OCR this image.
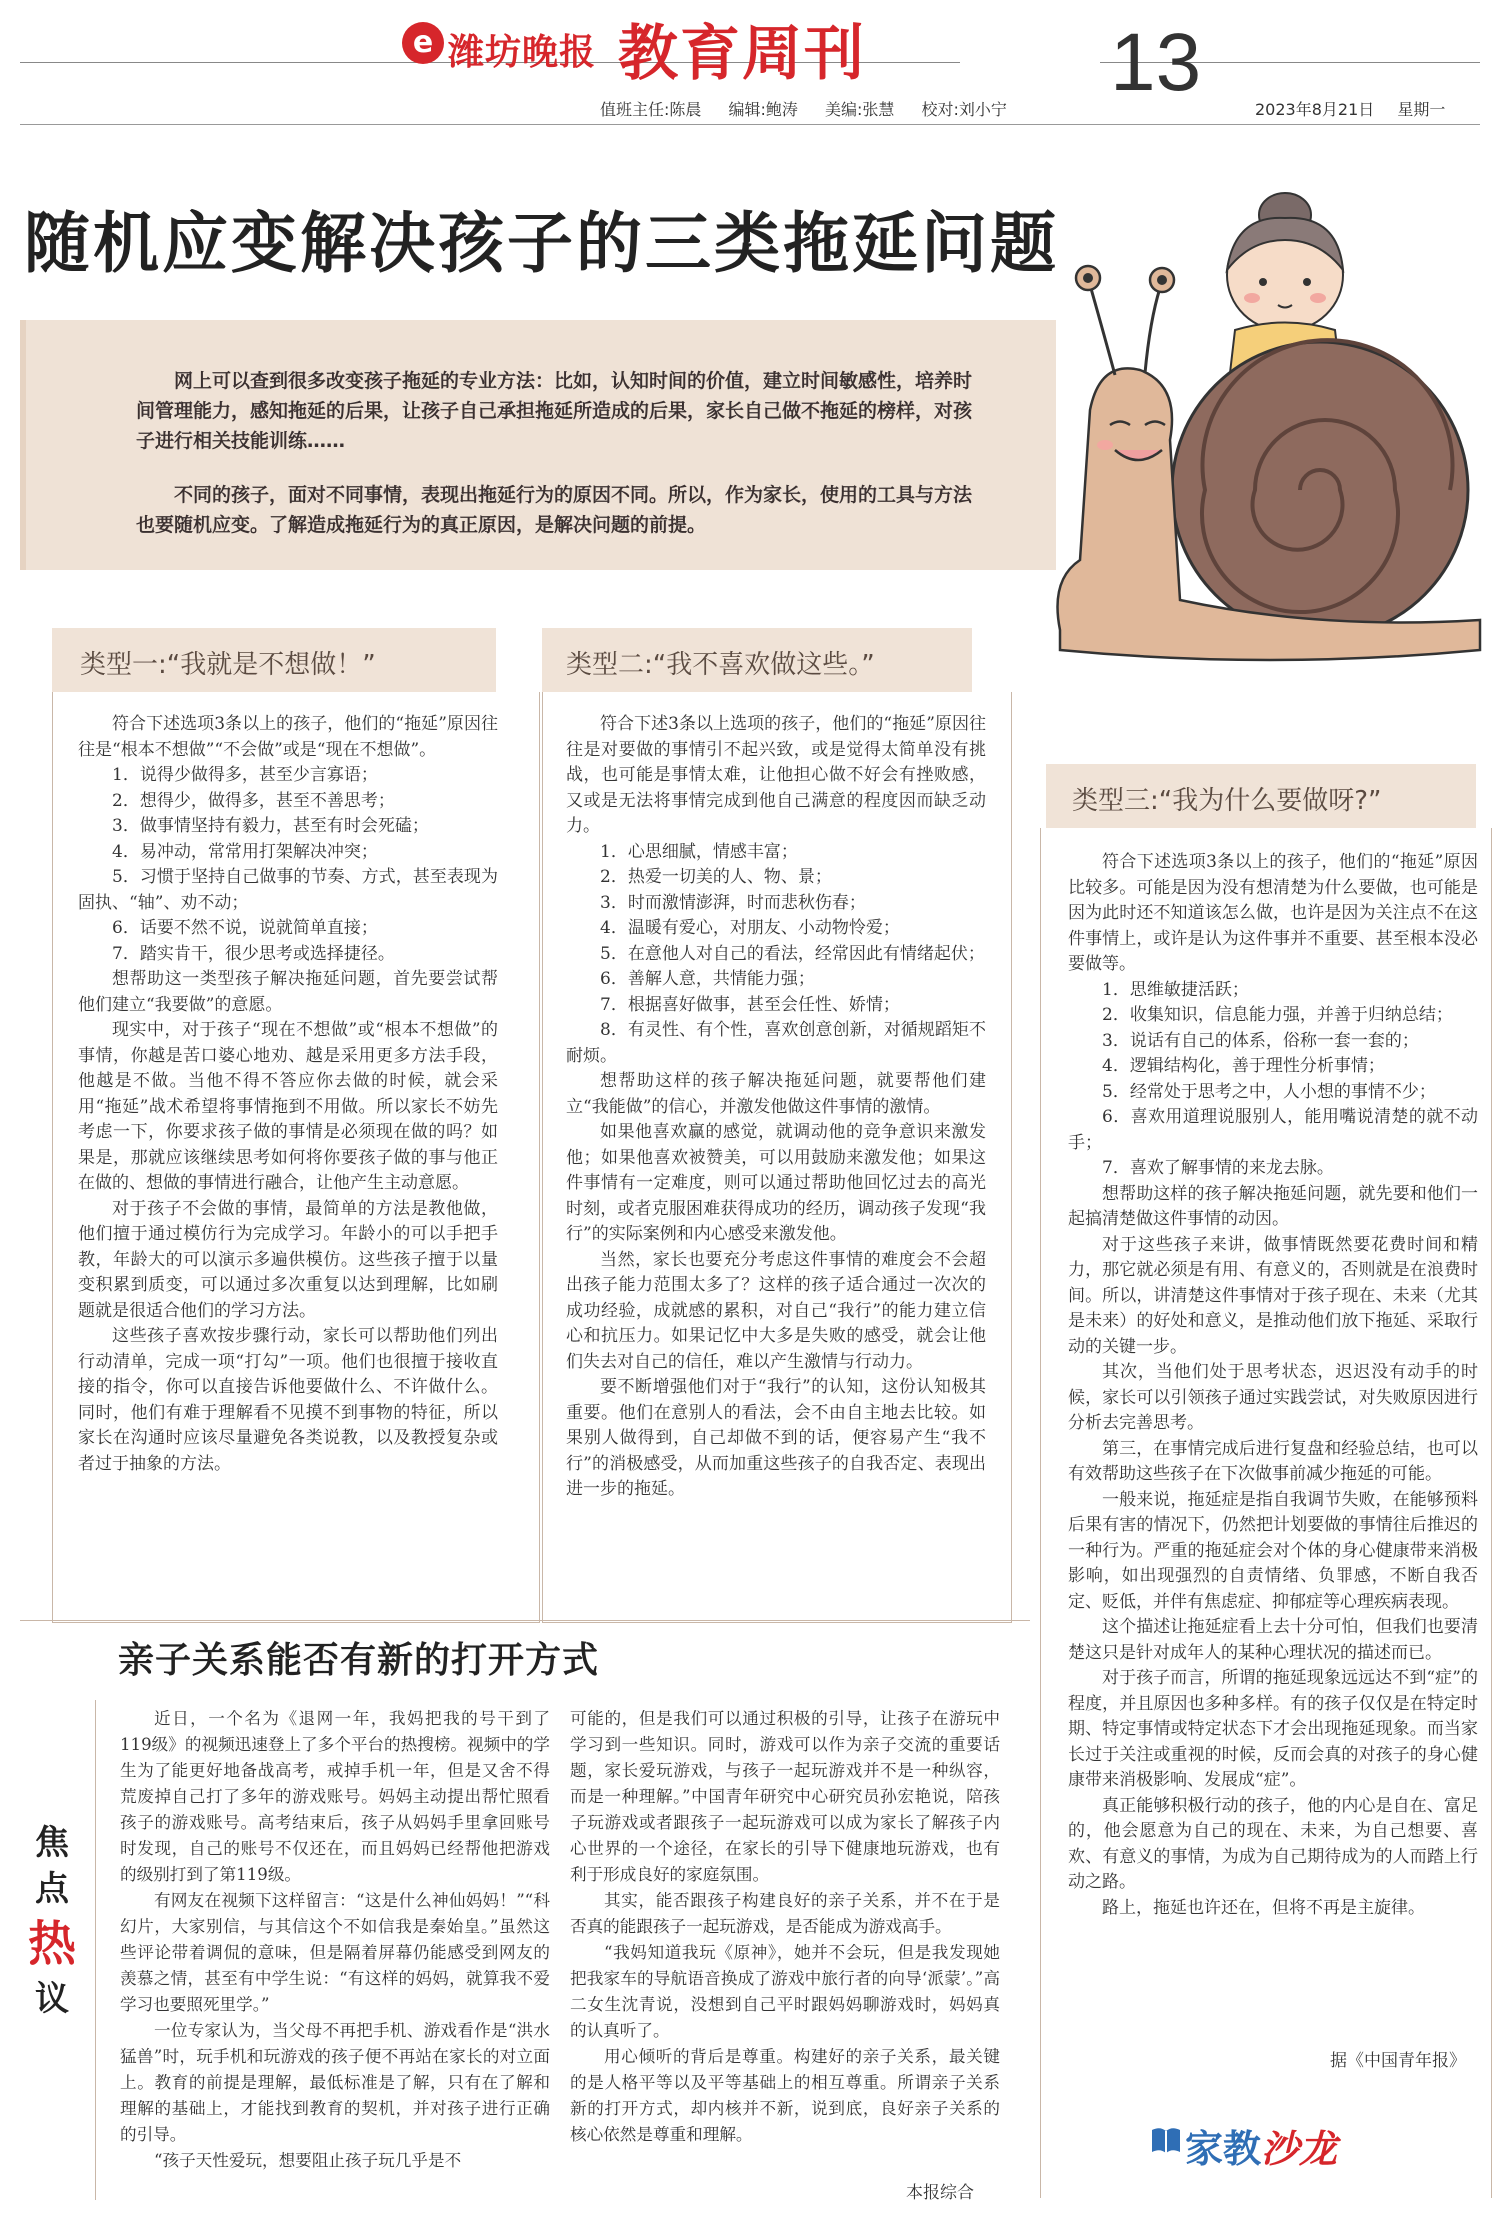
e 潍坊晚报 教育周刊	13
值班主任:陈晨 编辑:鲍涛 美编:张慧 校对:刘小宁	2023年8月21日 星期一
随机应变解决孩子的三类拖延问题

网上可以查到很多改变孩子拖延的专业方法：比如，认知时间的价值，建立时间敏感性，培养时间管理能力，感知拖延的后果，让孩子自己承担拖延所造成的后果，家长自己做不拖延的榜样，对孩子进行相关技能训练……

不同的孩子，面对不同事情，表现出拖延行为的原因不同。所以，作为家长，使用的工具与方法也要随机应变。了解造成拖延行为的真正原因，是解决问题的前提。

类型一:“我就是不想做！”

符合下述选项3条以上的孩子，他们的“拖延”原因往往是“根本不想做”“不会做”或是“现在不想做”。

1．说得少做得多，甚至少言寡语；

2．想得少，做得多，甚至不善思考；

3．做事情坚持有毅力，甚至有时会死磕；

4．易冲动，常常用打架解决冲突；

5．习惯于坚持自己做事的节奏、方式，甚至表现为固执、“轴”、劝不动；

6．话要不然不说，说就简单直接；

7．踏实肯干，很少思考或选择捷径。

想帮助这一类型孩子解决拖延问题，首先要尝试帮他们建立“我要做”的意愿。

现实中，对于孩子“现在不想做”或“根本不想做”的事情，你越是苦口婆心地劝、越是采用更多方法手段，他越是不做。当他不得不答应你去做的时候，就会采用“拖延”战术希望将事情拖到不用做。所以家长不妨先考虑一下，你要求孩子做的事情是必须现在做的吗？如果是，那就应该继续思考如何将你要孩子做的事与他正在做的、想做的事情进行融合，让他产生主动意愿。

对于孩子不会做的事情，最简单的方法是教他做，他们擅于通过模仿行为完成学习。年龄小的可以手把手教，年龄大的可以演示多遍供模仿。这些孩子擅于以量变积累到质变，可以通过多次重复以达到理解，比如刷题就是很适合他们的学习方法。

这些孩子喜欢按步骤行动，家长可以帮助他们列出行动清单，完成一项“打勾”一项。他们也很擅于接收直接的指令，你可以直接告诉他要做什么、不许做什么。同时，他们有难于理解看不见摸不到事物的特征，所以家长在沟通时应该尽量避免各类说教，以及教授复杂或者过于抽象的方法。

类型二:“我不喜欢做这些。”

符合下述3条以上选项的孩子，他们的“拖延”原因往往是对要做的事情引不起兴致，或是觉得太简单没有挑战，也可能是事情太难，让他担心做不好会有挫败感，又或是无法将事情完成到他自己满意的程度因而缺乏动力。

1．心思细腻，情感丰富；

2．热爱一切美的人、物、景；

3．时而激情澎湃，时而悲秋伤春；

4．温暖有爱心，对朋友、小动物怜爱；

5．在意他人对自己的看法，经常因此有情绪起伏；

6．善解人意，共情能力强；

7．根据喜好做事，甚至会任性、娇情；

8．有灵性、有个性，喜欢创意创新，对循规蹈矩不耐烦。

想帮助这样的孩子解决拖延问题，就要帮他们建立“我能做”的信心，并激发他做这件事情的激情。

如果他喜欢赢的感觉，就调动他的竞争意识来激发他；如果他喜欢被赞美，可以用鼓励来激发他；如果这件事情有一定难度，则可以通过帮助他回忆过去的高光时刻，或者克服困难获得成功的经历，调动孩子发现“我行”的实际案例和内心感受来激发他。

当然，家长也要充分考虑这件事情的难度会不会超出孩子能力范围太多了？这样的孩子适合通过一次次的成功经验，成就感的累积，对自己“我行”的能力建立信心和抗压力。如果记忆中大多是失败的感受，就会让他们失去对自己的信任，难以产生激情与行动力。

要不断增强他们对于“我行”的认知，这份认知极其重要。他们在意别人的看法，会不由自主地去比较。如果别人做得到，自己却做不到的话，便容易产生“我不行”的消极感受，从而加重这些孩子的自我否定、表现出进一步的拖延。

类型三:“我为什么要做呀?”

符合下述选项3条以上的孩子，他们的“拖延”原因比较多。可能是因为没有想清楚为什么要做，也可能是因为此时还不知道该怎么做，也许是因为关注点不在这件事情上，或许是认为这件事并不重要、甚至根本没必要做等。

1．思维敏捷活跃；

2．收集知识，信息能力强，并善于归纳总结；

3．说话有自己的体系，俗称一套一套的；

4．逻辑结构化，善于理性分析事情；

5．经常处于思考之中，人小想的事情不少；

6．喜欢用道理说服别人，能用嘴说清楚的就不动手；

7．喜欢了解事情的来龙去脉。

想帮助这样的孩子解决拖延问题，就先要和他们一起搞清楚做这件事情的动因。

对于这些孩子来讲，做事情既然要花费时间和精力，那它就必须是有用、有意义的，否则就是在浪费时间。所以，讲清楚这件事情对于孩子现在、未来（尤其是未来）的好处和意义，是推动他们放下拖延、采取行动的关键一步。

其次，当他们处于思考状态，迟迟没有动手的时候，家长可以引领孩子通过实践尝试，对失败原因进行分析去完善思考。

第三，在事情完成后进行复盘和经验总结，也可以有效帮助这些孩子在下次做事前减少拖延的可能。

一般来说，拖延症是指自我调节失败，在能够预料后果有害的情况下，仍然把计划要做的事情往后推迟的一种行为。严重的拖延症会对个体的身心健康带来消极影响，如出现强烈的自责情绪、负罪感，不断自我否定、贬低，并伴有焦虑症、抑郁症等心理疾病表现。

这个描述让拖延症看上去十分可怕，但我们也要清楚这只是针对成年人的某种心理状况的描述而已。

对于孩子而言，所谓的拖延现象远远达不到“症”的程度，并且原因也多种多样。有的孩子仅仅是在特定时期、特定事情或特定状态下才会出现拖延现象。而当家长过于关注或重视的时候，反而会真的对孩子的身心健康带来消极影响、发展成“症”。

真正能够积极行动的孩子，他的内心是自在、富足的，他会愿意为自己的现在、未来，为自己想要、喜欢、有意义的事情，为成为自己期待成为的人而踏上行动之路。

路上，拖延也许还在，但将不再是主旋律。

据《中国青年报》
亲子关系能否有新的打开方式
焦
点
热
议

近日，一个名为《退网一年，我妈把我的号干到了119级》的视频迅速登上了多个平台的热搜榜。视频中的学生为了能更好地备战高考，戒掉手机一年，但是又舍不得荒废掉自己打了多年的游戏账号。妈妈主动提出帮忙照看孩子的游戏账号。高考结束后，孩子从妈妈手里拿回账号时发现，自己的账号不仅还在，而且妈妈已经帮他把游戏的级别打到了第119级。

有网友在视频下这样留言：“这是什么神仙妈妈！”“科幻片，大家别信，与其信这个不如信我是秦始皇。”虽然这些评论带着调侃的意味，但是隔着屏幕仍能感受到网友的羡慕之情，甚至有中学生说：“有这样的妈妈，就算我不爱学习也要照死里学。”

一位专家认为，当父母不再把手机、游戏看作是“洪水猛兽”时，玩手机和玩游戏的孩子便不再站在家长的对立面上。教育的前提是理解，最低标准是了解，只有在了解和理解的基础上，才能找到教育的契机，并对孩子进行正确的引导。

“孩子天性爱玩，想要阻止孩子玩几乎是不

可能的，但是我们可以通过积极的引导，让孩子在游玩中学习到一些知识。同时，游戏可以作为亲子交流的重要话题，家长爱玩游戏，与孩子一起玩游戏并不是一种纵容，而是一种理解。”中国青年研究中心研究员孙宏艳说，陪孩子玩游戏或者跟孩子一起玩游戏可以成为家长了解孩子内心世界的一个途径，在家长的引导下健康地玩游戏，也有利于形成良好的家庭氛围。

其实，能否跟孩子构建良好的亲子关系，并不在于是否真的能跟孩子一起玩游戏，是否能成为游戏高手。

“我妈知道我玩《原神》，她并不会玩，但是我发现她把我家车的导航语音换成了游戏中旅行者的向导‘派蒙’。”高二女生沈青说，没想到自己平时跟妈妈聊游戏时，妈妈真的认真听了。

用心倾听的背后是尊重。构建好的亲子关系，最关键的是人格平等以及平等基础上的相互尊重。所谓亲子关系新的打开方式，却内核并不新，说到底，良好亲子关系的核心依然是尊重和理解。

本报综合
家教沙龙
